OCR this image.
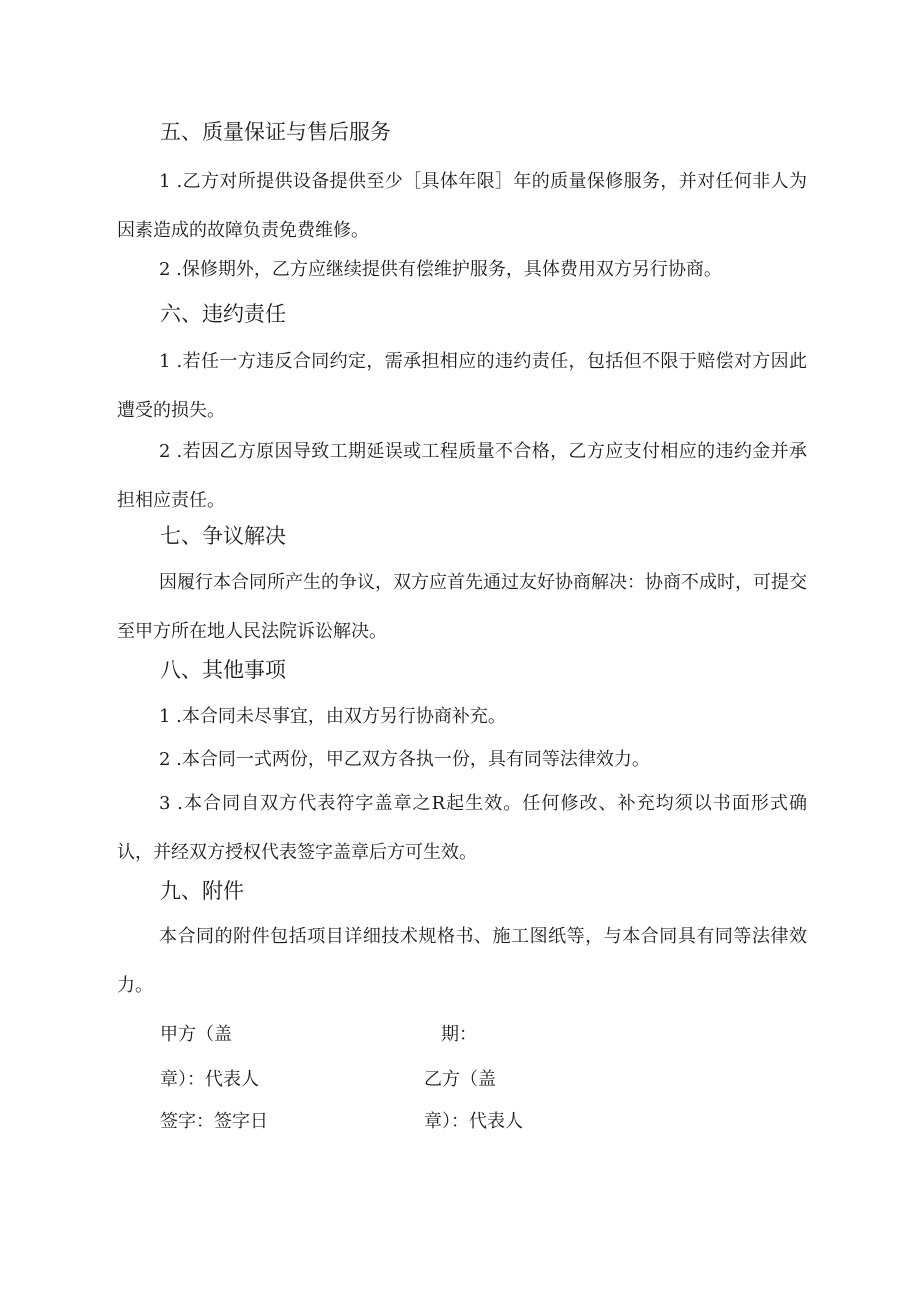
五、质量保证与售后服务
1 .乙方对所提供设备提供至少［具体年限］年的质量保修服务，并对任何非人为因素造成的故障负责免费维修。
2 .保修期外，乙方应继续提供有偿维护服务，具体费用双方另行协商。
六、违约责任
1 .若任一方违反合同约定，需承担相应的违约责任，包括但不限于赔偿对方因此遭受的损失。
2 .若因乙方原因导致工期延误或工程质量不合格，乙方应支付相应的违约金并承担相应责任。
七、争议解决
因履行本合同所产生的争议，双方应首先通过友好协商解决：协商不成时，可提交至甲方所在地人民法院诉讼解决。
八、其他事项
1 .本合同未尽事宜，由双方另行协商补充。
2 .本合同一式两份，甲乙双方各执一份，具有同等法律效力。
3 .本合同自双方代表符字盖章之R起生效。任何修改、补充均须以书面形式确认，并经双方授权代表签字盖章后方可生效。
九、附件
本合同的附件包括项目详细技术规格书、施工图纸等，与本合同具有同等法律效力。
甲方（盖
章）：代表人
签字：签字日
期：
乙方（盖
章）：代表人
